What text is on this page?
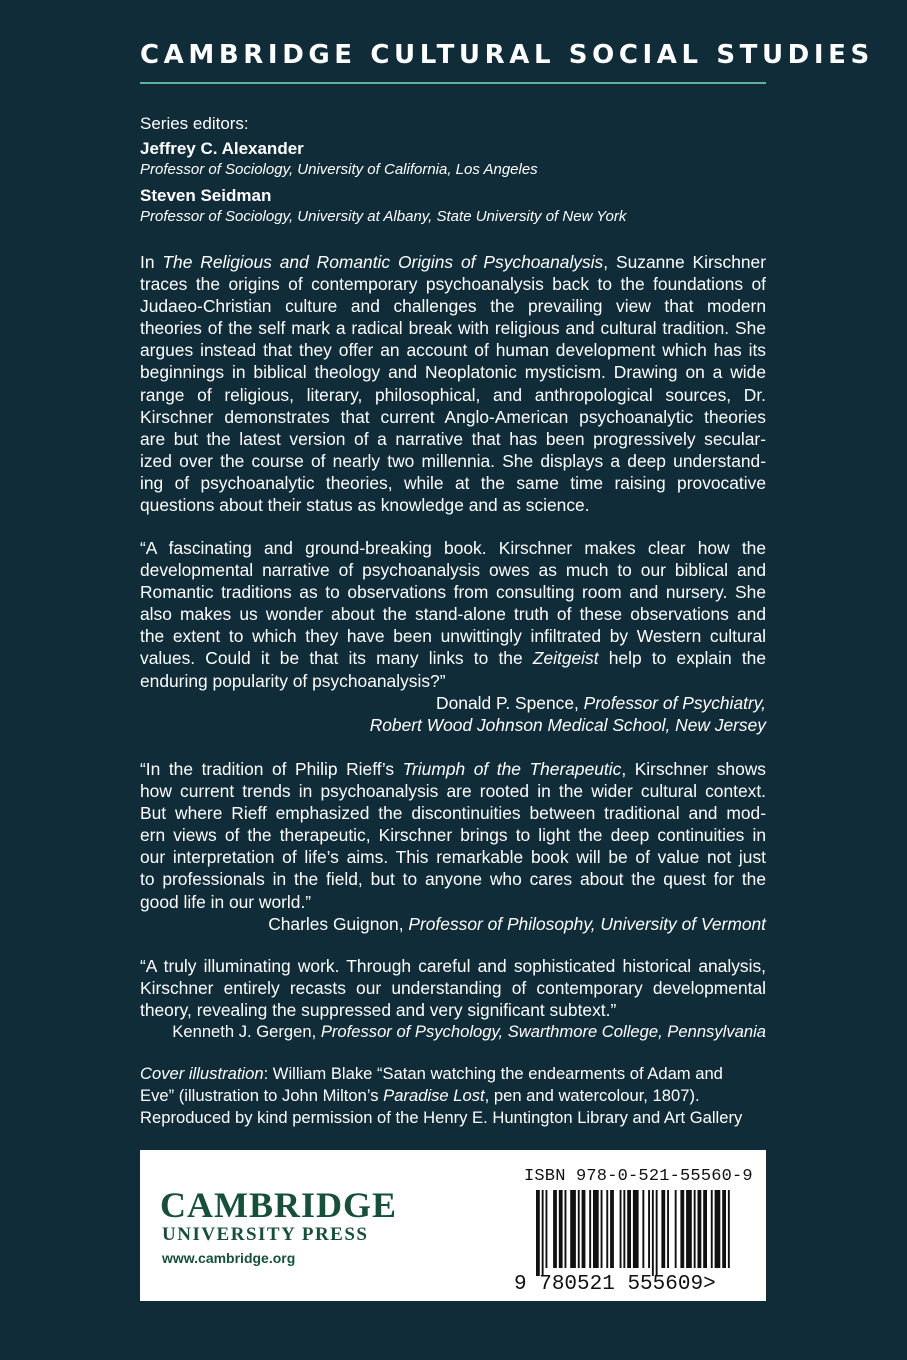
CAMBRIDGE CULTURAL SOCIAL STUDIES
Series editors:
Jeffrey C. Alexander
Professor of Sociology, University of California, Los Angeles
Steven Seidman
Professor of Sociology, University at Albany, State University of New York
In The Religious and Romantic Origins of Psychoanalysis, Suzanne Kirschner
traces the origins of contemporary psychoanalysis back to the foundations of
Judaeo-Christian culture and challenges the prevailing view that modern
theories of the self mark a radical break with religious and cultural tradition. She
argues instead that they offer an account of human development which has its
beginnings in biblical theology and Neoplatonic mysticism. Drawing on a wide
range of religious, literary, philosophical, and anthropological sources, Dr.
Kirschner demonstrates that current Anglo-American psychoanalytic theories
are but the latest version of a narrative that has been progressively secular-
ized over the course of nearly two millennia. She displays a deep understand-
ing of psychoanalytic theories, while at the same time raising provocative
questions about their status as knowledge and as science.
“A fascinating and ground-breaking book. Kirschner makes clear how the
developmental narrative of psychoanalysis owes as much to our biblical and
Romantic traditions as to observations from consulting room and nursery. She
also makes us wonder about the stand-alone truth of these observations and
the extent to which they have been unwittingly infiltrated by Western cultural
values. Could it be that its many links to the Zeitgeist help to explain the
enduring popularity of psychoanalysis?”
Donald P. Spence, Professor of Psychiatry,
Robert Wood Johnson Medical School, New Jersey
“In the tradition of Philip Rieff’s Triumph of the Therapeutic, Kirschner shows
how current trends in psychoanalysis are rooted in the wider cultural context.
But where Rieff emphasized the discontinuities between traditional and mod-
ern views of the therapeutic, Kirschner brings to light the deep continuities in
our interpretation of life’s aims. This remarkable book will be of value not just
to professionals in the field, but to anyone who cares about the quest for the
good life in our world.”
Charles Guignon, Professor of Philosophy, University of Vermont
“A truly illuminating work. Through careful and sophisticated historical analysis,
Kirschner entirely recasts our understanding of contemporary developmental
theory, revealing the suppressed and very significant subtext.”
Kenneth J. Gergen, Professor of Psychology, Swarthmore College, Pennsylvania
Cover illustration: William Blake “Satan watching the endearments of Adam and
Eve” (illustration to John Milton’s Paradise Lost, pen and watercolour, 1807).
Reproduced by kind permission of the Henry E. Huntington Library and Art Gallery
CAMBRIDGE
UNIVERSITY PRESS
www.cambridge.org
ISBN 978-0-521-55560-9
9 780521 555609>
